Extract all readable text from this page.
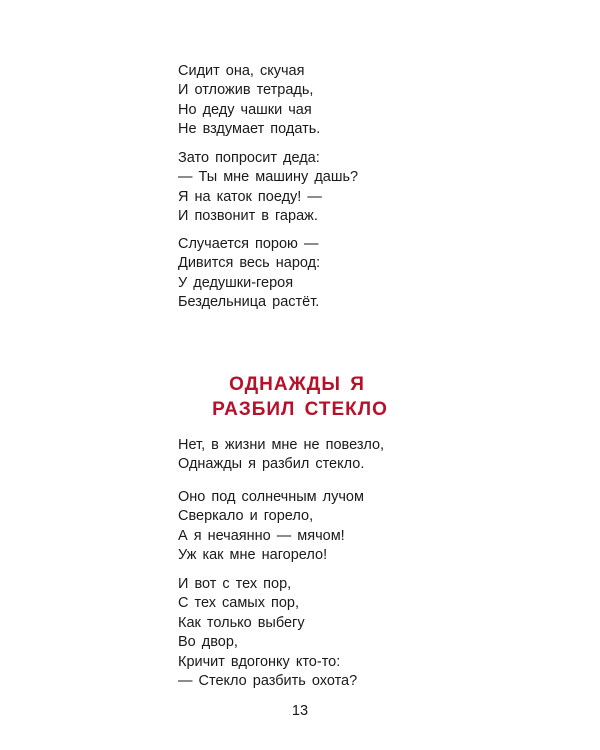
Сидит она, скучая
И отложив тетрадь,
Но деду чашки чая
Не вздумает подать.
Зато попросит деда:
— Ты мне машину дашь?
Я на каток поеду! —
И позвонит в гараж.
Случается порою —
Дивится весь народ:
У дедушки-героя
Бездельница растёт.
ОДНАЖДЫ Я
РАЗБИЛ СТЕКЛО
Нет, в жизни мне не повезло,
Однажды я разбил стекло.
Оно под солнечным лучом
Сверкало и горело,
А я нечаянно — мячом!
Уж как мне нагорело!
И вот с тех пор,
С тех самых пор,
Как только выбегу
Во двор,
Кричит вдогонку кто-то:
— Стекло разбить охота?
13
